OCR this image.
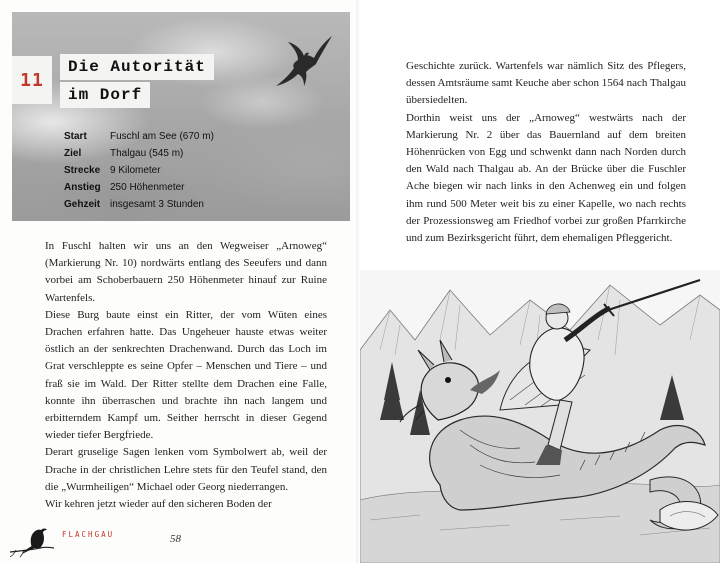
11
Die Autorität
im Dorf
Start	Fuschl am See (670 m)
Ziel	Thalgau (545 m)
Strecke 9 Kilometer
Anstieg 250 Höhenmeter
Gehzeit insgesamt 3 Stunden

In Fuschl halten wir uns an den Wegweiser „Arnoweg“ (Markierung Nr. 10) nordwärts entlang des Seeufers und dann vorbei am Schoberbauern 250 Höhenmeter hinauf zur Ruine Wartenfels.

Diese Burg baute einst ein Ritter, der vom Wüten eines Drachen erfahren hatte. Das Ungeheuer hauste etwas weiter östlich an der senkrechten Drachenwand. Durch das Loch im Grat verschleppte es seine Opfer – Menschen und Tiere – und fraß sie im Wald. Der Ritter stellte dem Drachen eine Falle, konnte ihn überraschen und brachte ihn nach langem und erbitterndem Kampf um. Seither herrscht in dieser Gegend wieder tiefer Bergfriede.

Derart gruselige Sagen lenken vom Symbolwert ab, weil der Drache in der christlichen Lehre stets für den Teufel stand, den die „Wurmheiligen“ Michael oder Georg niederrangen.

Wir kehren jetzt wieder auf den sicheren Boden der

FLACHGAU	58

Geschichte zurück. Wartenfels war nämlich Sitz des Pflegers, dessen Amtsräume samt Keuche aber schon 1564 nach Thalgau übersiedelten.

Dorthin weist uns der „Arnoweg“ westwärts nach der Markierung Nr. 2 über das Bauernland auf dem breiten Höhenrücken von Egg und schwenkt dann nach Norden durch den Wald nach Thalgau ab. An der Brücke über die Fuschler Ache biegen wir nach links in den Achenweg ein und folgen ihm rund 500 Meter weit bis zu einer Kapelle, wo nach rechts der Prozessionsweg am Friedhof vorbei zur großen Pfarrkirche und zum Bezirksgericht führt, dem ehemaligen Pfleggericht.
